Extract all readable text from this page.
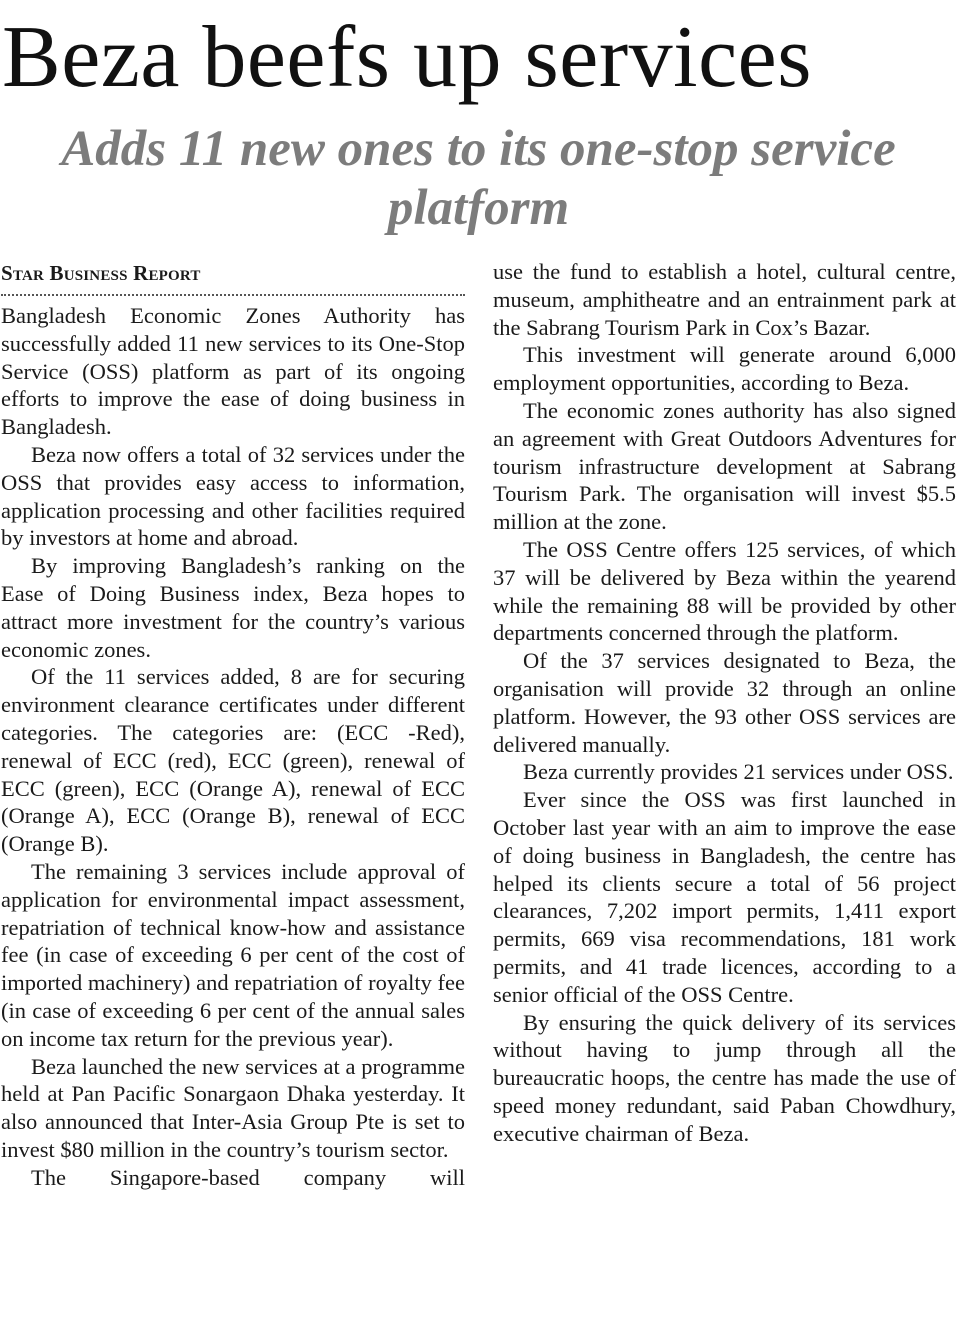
Beza beefs up services
Adds 11 new ones to its one-stop service platform
Star Business Report

Bangladesh Economic Zones Authority has successfully added 11 new services to its One-Stop Service (OSS) platform as part of its ongoing efforts to improve the ease of doing business in Bangladesh.

Beza now offers a total of 32 services under the OSS that provides easy access to information, application processing and other facilities required by investors at home and abroad.

By improving Bangladesh’s ranking on the Ease of Doing Business index, Beza hopes to attract more investment for the country’s various economic zones.

Of the 11 services added, 8 are for securing environment clearance certificates under different categories. The categories are: (ECC -Red), renewal of ECC (red), ECC (green), renewal of ECC (green), ECC (Orange A), renewal of ECC (Orange A), ECC (Orange B), renewal of ECC (Orange B).

The remaining 3 services include approval of application for environmental impact assessment, repatriation of technical know-how and assistance fee (in case of exceeding 6 per cent of the cost of imported machinery) and repatriation of royalty fee (in case of exceeding 6 per cent of the annual sales on income tax return for the previous year).

Beza launched the new services at a programme held at Pan Pacific Sonargaon Dhaka yesterday. It also announced that Inter-Asia Group Pte is set to invest $80 million in the country’s tourism sector.

The Singapore-based company will

use the fund to establish a hotel, cultural centre, museum, amphitheatre and an entrainment park at the Sabrang Tourism Park in Cox’s Bazar.

This investment will generate around 6,000 employment opportunities, according to Beza.

The economic zones authority has also signed an agreement with Great Outdoors Adventures for tourism infrastructure development at Sabrang Tourism Park. The organisation will invest $5.5 million at the zone.

The OSS Centre offers 125 services, of which 37 will be delivered by Beza within the yearend while the remaining 88 will be provided by other departments concerned through the platform.

Of the 37 services designated to Beza, the organisation will provide 32 through an online platform. However, the 93 other OSS services are delivered manually.

Beza currently provides 21 services under OSS.

Ever since the OSS was first launched in October last year with an aim to improve the ease of doing business in Bangladesh, the centre has helped its clients secure a total of 56 project clearances, 7,202 import permits, 1,411 export permits, 669 visa recommendations, 181 work permits, and 41 trade licences, according to a senior official of the OSS Centre.

By ensuring the quick delivery of its services without having to jump through all the bureaucratic hoops, the centre has made the use of speed money redundant, said Paban Chowdhury, executive chairman of Beza.
